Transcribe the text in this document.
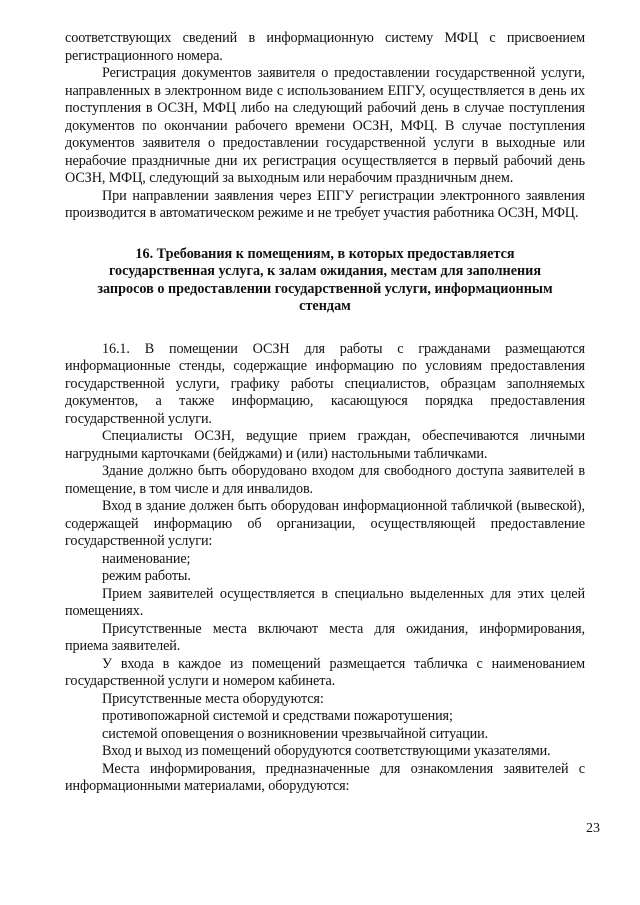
соответствующих сведений в информационную систему МФЦ с присвоением регистрационного номера.

Регистрация документов заявителя о предоставлении государственной услуги, направленных в электронном виде с использованием ЕПГУ, осуществляется в день их поступления в ОСЗН, МФЦ либо на следующий рабочий день в случае поступления документов по окончании рабочего времени ОСЗН, МФЦ. В случае поступления документов заявителя о предоставлении государственной услуги в выходные или нерабочие праздничные дни их регистрация осуществляется в первый рабочий день ОСЗН, МФЦ, следующий за выходным или нерабочим праздничным днем.

При направлении заявления через ЕПГУ регистрации электронного заявления производится в автоматическом режиме и не требует участия работника ОСЗН, МФЦ.

16. Требования к помещениям, в которых предоставляется
государственная услуга, к залам ожидания, местам для заполнения
запросов о предоставлении государственной услуги, информационным
стендам

16.1. В помещении ОСЗН для работы с гражданами размещаются информационные стенды, содержащие информацию по условиям предоставления государственной услуги, графику работы специалистов, образцам заполняемых документов, а также информацию, касающуюся порядка предоставления государственной услуги.

Специалисты ОСЗН, ведущие прием граждан, обеспечиваются личными нагрудными карточками (бейджами) и (или) настольными табличками.

Здание должно быть оборудовано входом для свободного доступа заявителей в помещение, в том числе и для инвалидов.

Вход в здание должен быть оборудован информационной табличкой (вывеской), содержащей информацию об организации, осуществляющей предоставление государственной услуги:

наименование;

режим работы.

Прием заявителей осуществляется в специально выделенных для этих целей помещениях.

Присутственные места включают места для ожидания, информирования, приема заявителей.

У входа в каждое из помещений размещается табличка с наименованием государственной услуги и номером кабинета.

Присутственные места оборудуются:

противопожарной системой и средствами пожаротушения;

системой оповещения о возникновении чрезвычайной ситуации.

Вход и выход из помещений оборудуются соответствующими указателями.

Места информирования, предназначенные для ознакомления заявителей с информационными материалами, оборудуются:

23
